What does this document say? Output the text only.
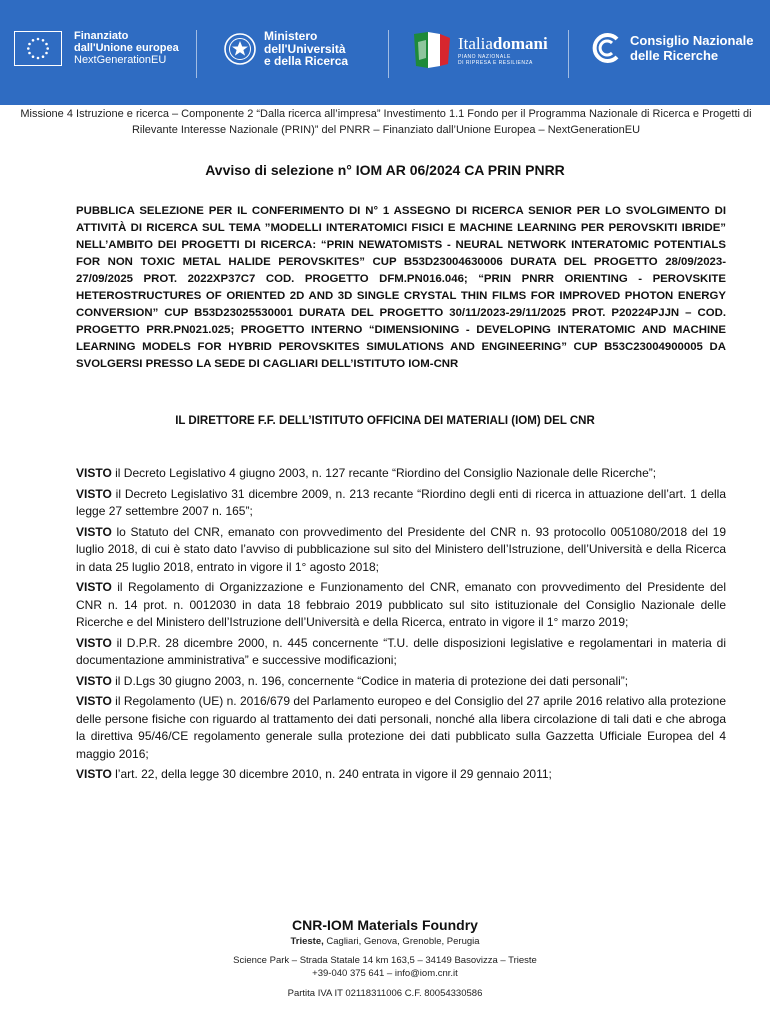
Finanziato
dall'Unione europea
NextGenerationEU
Ministero
dell'Università
e della Ricerca
Italiadomani
PIANO NAZIONALE
DI RIPRESA E RESILIENZA
Consiglio Nazionale
delle Ricerche
Missione 4 Istruzione e ricerca – Componente 2 “Dalla ricerca all’impresa” Investimento 1.1 Fondo per il Programma Nazionale di Ricerca e Progetti di Rilevante Interesse Nazionale (PRIN)” del PNRR – Finanziato dall’Unione Europea – NextGenerationEU
Avviso di selezione n° IOM AR 06/2024 CA PRIN PNRR
PUBBLICA SELEZIONE PER IL CONFERIMENTO DI N° 1 ASSEGNO DI RICERCA SENIOR PER LO SVOLGIMENTO DI ATTIVITÀ DI RICERCA SUL TEMA ”MODELLI INTERATOMICI FISICI E MACHINE LEARNING PER PEROVSKITI IBRIDE” NELL’AMBITO DEI PROGETTI DI RICERCA: “PRIN NEWATOMISTS - NEURAL NETWORK INTERATOMIC POTENTIALS FOR NON TOXIC METAL HALIDE PEROVSKITES” CUP B53D23004630006 DURATA DEL PROGETTO 28/09/2023-27/09/2025 PROT. 2022XP37C7 COD. PROGETTO DFM.PN016.046; “PRIN PNRR ORIENTING - PEROVSKITE HETEROSTRUCTURES OF ORIENTED 2D AND 3D SINGLE CRYSTAL THIN FILMS FOR IMPROVED PHOTON ENERGY CONVERSION” CUP B53D23025530001 DURATA DEL PROGETTO 30/11/2023-29/11/2025 PROT. P20224PJJN – COD. PROGETTO PRR.PN021.025; PROGETTO INTERNO “DIMENSIONING - DEVELOPING INTERATOMIC AND MACHINE LEARNING MODELS FOR HYBRID PEROVSKITES SIMULATIONS AND ENGINEERING” CUP B53C23004900005 DA SVOLGERSI PRESSO LA SEDE DI CAGLIARI DELL’ISTITUTO IOM-CNR
IL DIRETTORE F.F. DELL’ISTITUTO OFFICINA DEI MATERIALI (IOM) DEL CNR

VISTO il Decreto Legislativo 4 giugno 2003, n. 127 recante “Riordino del Consiglio Nazionale delle Ricerche”;

VISTO il Decreto Legislativo 31 dicembre 2009, n. 213 recante “Riordino degli enti di ricerca in attuazione dell’art. 1 della legge 27 settembre 2007 n. 165”;

VISTO lo Statuto del CNR, emanato con provvedimento del Presidente del CNR n. 93 protocollo 0051080/2018 del 19 luglio 2018, di cui è stato dato l’avviso di pubblicazione sul sito del Ministero dell’Istruzione, dell’Università e della Ricerca in data 25 luglio 2018, entrato in vigore il 1° agosto 2018;

VISTO il Regolamento di Organizzazione e Funzionamento del CNR, emanato con provvedimento del Presidente del CNR n. 14 prot. n. 0012030 in data 18 febbraio 2019 pubblicato sul sito istituzionale del Consiglio Nazionale delle Ricerche e del Ministero dell’Istruzione dell’Università e della Ricerca, entrato in vigore il 1° marzo 2019;

VISTO il D.P.R. 28 dicembre 2000, n. 445 concernente “T.U. delle disposizioni legislative e regolamentari in materia di documentazione amministrativa” e successive modificazioni;

VISTO il D.Lgs 30 giugno 2003, n. 196, concernente “Codice in materia di protezione dei dati personali”;

VISTO il Regolamento (UE) n. 2016/679 del Parlamento europeo e del Consiglio del 27 aprile 2016 relativo alla protezione delle persone fisiche con riguardo al trattamento dei dati personali, nonché alla libera circolazione di tali dati e che abroga la direttiva 95/46/CE regolamento generale sulla protezione dei dati pubblicato sulla Gazzetta Ufficiale Europea del 4 maggio 2016;

VISTO l’art. 22, della legge 30 dicembre 2010, n. 240 entrata in vigore il 29 gennaio 2011;

CNR-IOM Materials Foundry
Trieste, Cagliari, Genova, Grenoble, Perugia
Science Park – Strada Statale 14 km 163,5 – 34149 Basovizza – Trieste
+39-040 375 641 – info@iom.cnr.it
Partita IVA IT 02118311006 C.F. 80054330586
